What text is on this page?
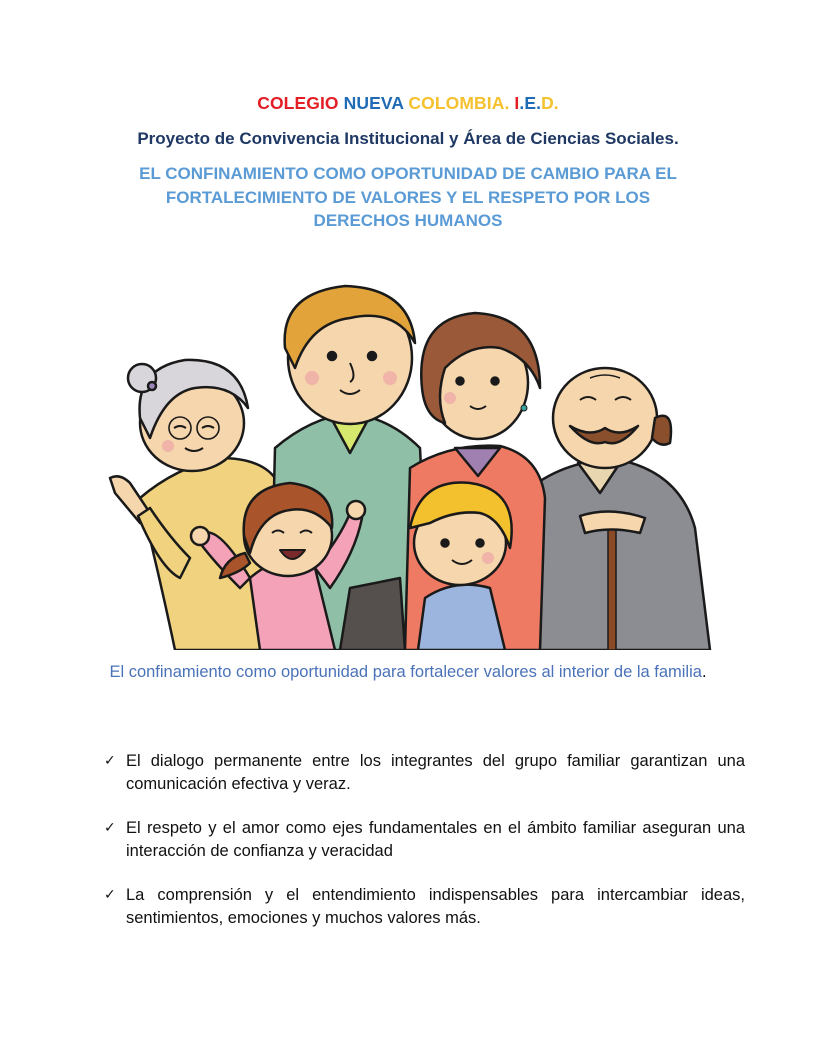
COLEGIO NUEVA COLOMBIA. I.E.D.
Proyecto de Convivencia Institucional y Área de Ciencias Sociales.
EL CONFINAMIENTO COMO OPORTUNIDAD DE CAMBIO PARA EL
FORTALECIMIENTO DE VALORES Y EL RESPETO POR LOS
DERECHOS HUMANOS
El confinamiento como oportunidad para fortalecer valores al interior de la familia.
✓ El dialogo permanente entre los integrantes del grupo familiar garantizan una comunicación efectiva y veraz.
✓ El respeto y el amor como ejes fundamentales en el ámbito familiar aseguran una interacción de confianza y veracidad
✓ La comprensión y el entendimiento indispensables para intercambiar ideas, sentimientos, emociones y muchos valores más.
